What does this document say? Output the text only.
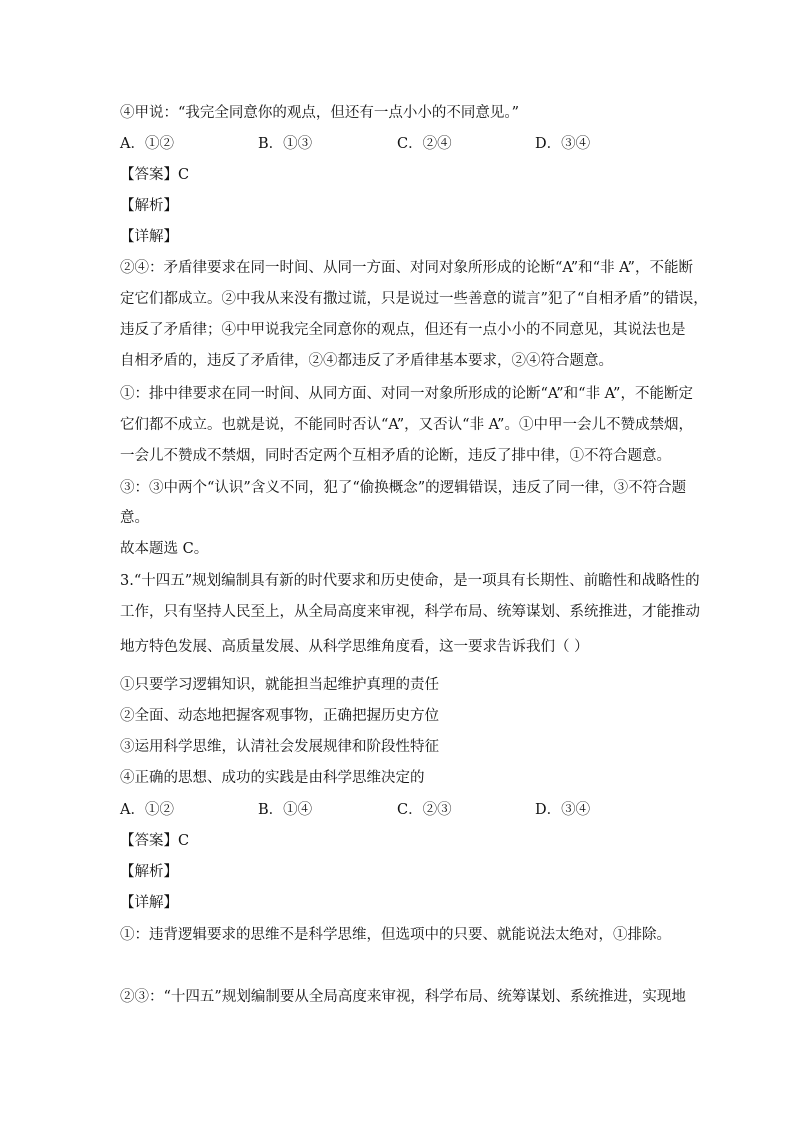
④甲说：“我完全同意你的观点，但还有一点小小的不同意见。”
A．①②	B．①③	C．②④	D．③④
【答案】C
【解析】
【详解】
②④：矛盾律要求在同一时间、从同一方面、对同对象所形成的论断“A”和“非 A”，不能断
定它们都成立。②中我从来没有撒过谎，只是说过一些善意的谎言”犯了“自相矛盾”的错误，
违反了矛盾律；④中甲说我完全同意你的观点，但还有一点小小的不同意见，其说法也是
自相矛盾的，违反了矛盾律，②④都违反了矛盾律基本要求，②④符合题意。
①：排中律要求在同一时间、从同方面、对同一对象所形成的论断“A”和“非 A”，不能断定
它们都不成立。也就是说，不能同时否认“A”，又否认“非 A”。①中甲一会儿不赞成禁烟，
一会儿不赞成不禁烟，同时否定两个互相矛盾的论断，违反了排中律，①不符合题意。
③：③中两个“认识”含义不同，犯了“偷换概念”的逻辑错误，违反了同一律，③不符合题
意。
故本题选 C。
3.“十四五”规划编制具有新的时代要求和历史使命，是一项具有长期性、前瞻性和战略性的
工作，只有坚持人民至上，从全局高度来审视，科学布局、统筹谋划、系统推进，才能推动
地方特色发展、高质量发展、从科学思维角度看，这一要求告诉我们（ ）
①只要学习逻辑知识，就能担当起维护真理的责任
②全面、动态地把握客观事物，正确把握历史方位
③运用科学思维，认清社会发展规律和阶段性特征
④正确的思想、成功的实践是由科学思维决定的
A．①②	B．①④	C．②③	D．③④
【答案】C
【解析】
【详解】
①：违背逻辑要求的思维不是科学思维，但选项中的只要、就能说法太绝对，①排除。
②③：“十四五”规划编制要从全局高度来审视，科学布局、统筹谋划、系统推进，实现地
